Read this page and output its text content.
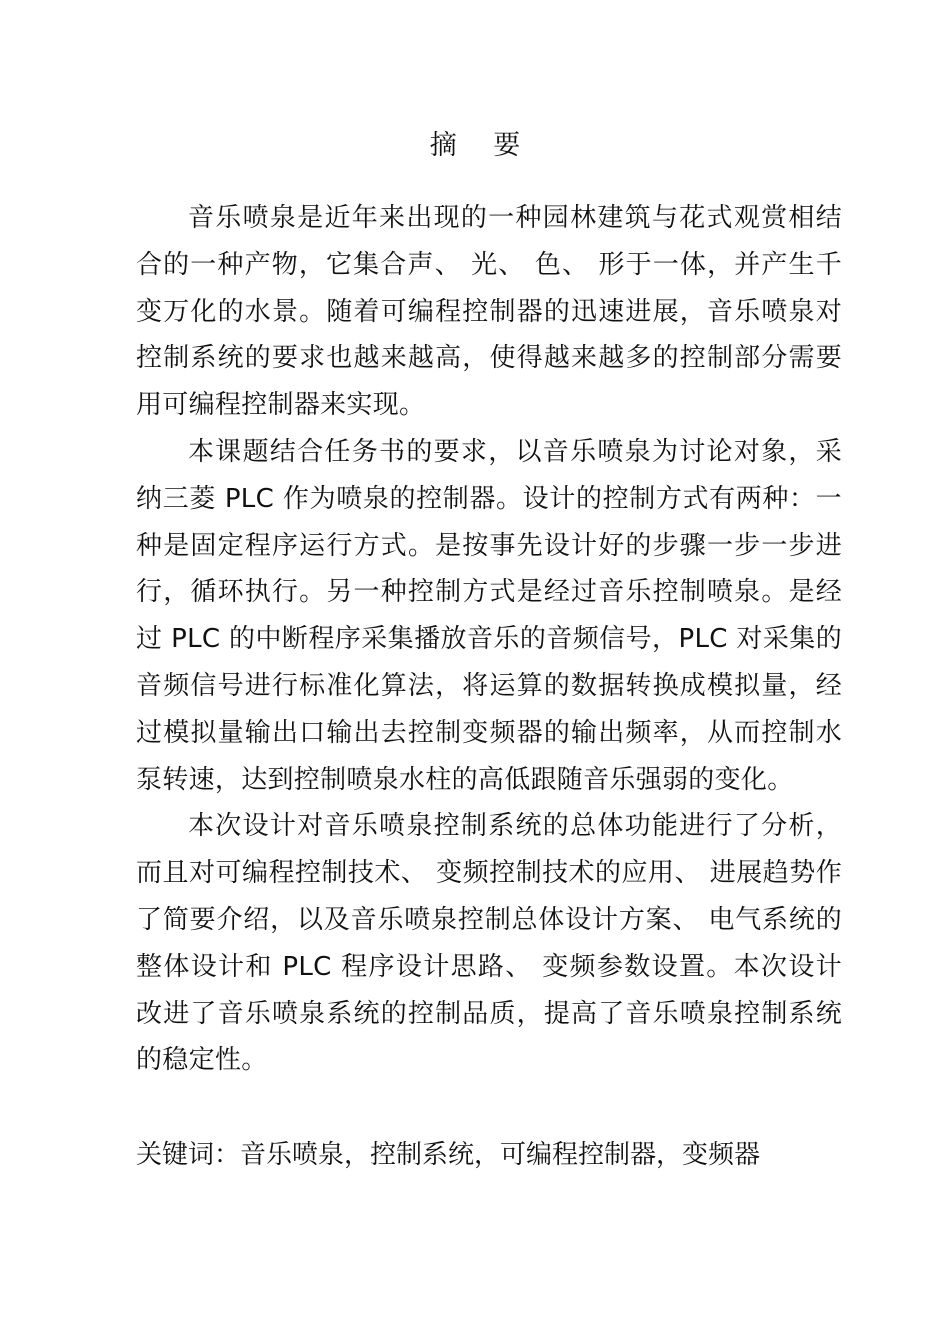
摘 要

音乐喷泉是近年来出现的一种园林建筑与花式观赏相结合的一种产物，它集合声、 光、 色、 形于一体，并产生千变万化的水景。随着可编程控制器的迅速进展，音乐喷泉对控制系统的要求也越来越高，使得越来越多的控制部分需要用可编程控制器来实现。

本课题结合任务书的要求，以音乐喷泉为讨论对象，采纳三菱 PLC 作为喷泉的控制器。设计的控制方式有两种：一种是固定程序运行方式。是按事先设计好的步骤一步一步进行，循环执行。另一种控制方式是经过音乐控制喷泉。是经过 PLC 的中断程序采集播放音乐的音频信号，PLC 对采集的音频信号进行标准化算法，将运算的数据转换成模拟量，经过模拟量输出口输出去控制变频器的输出频率，从而控制水泵转速，达到控制喷泉水柱的高低跟随音乐强弱的变化。

本次设计对音乐喷泉控制系统的总体功能进行了分析，而且对可编程控制技术、 变频控制技术的应用、 进展趋势作了简要介绍，以及音乐喷泉控制总体设计方案、 电气系统的整体设计和 PLC 程序设计思路、 变频参数设置。本次设计改进了音乐喷泉系统的控制品质，提高了音乐喷泉控制系统的稳定性。

关键词：音乐喷泉，控制系统，可编程控制器，变频器
